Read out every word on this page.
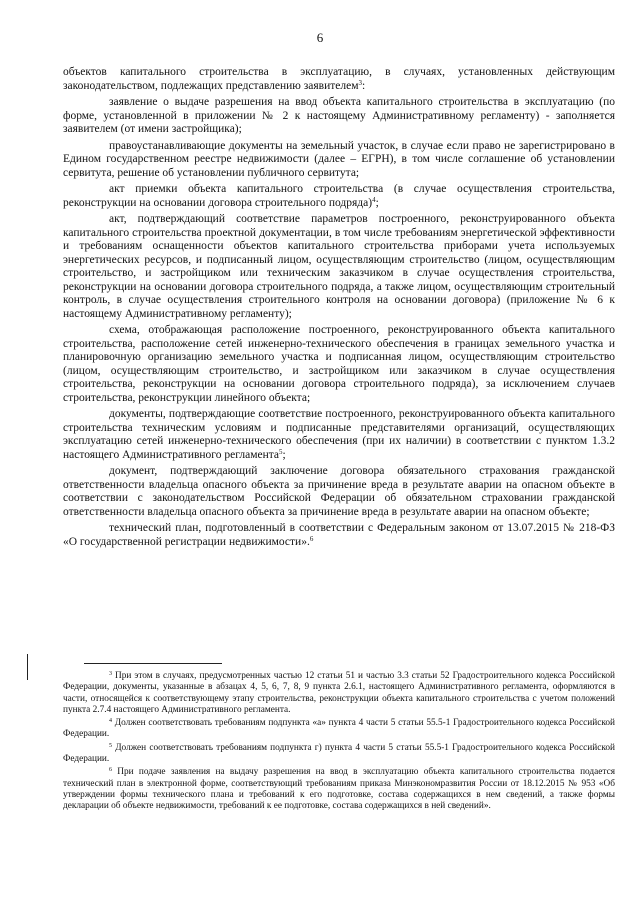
6

объектов капитального строительства в эксплуатацию, в случаях, установленных действующим законодательством, подлежащих представлению заявителем$^3$:

заявление о выдаче разрешения на ввод объекта капитального строительства в эксплуатацию (по форме, установленной в приложении № 2 к настоящему Административному регламенту) - заполняется заявителем (от имени застройщика);

правоустанавливающие документы на земельный участок, в случае если право не зарегистрировано в Едином государственном реестре недвижимости (далее – ЕГРН), в том числе соглашение об установлении сервитута, решение об установлении публичного сервитута;

акт приемки объекта капитального строительства (в случае осуществления строительства, реконструкции на основании договора строительного подряда)$^4$;

акт, подтверждающий соответствие параметров построенного, реконструированного объекта капитального строительства проектной документации, в том числе требованиям энергетической эффективности и требованиям оснащенности объектов капитального строительства приборами учета используемых энергетических ресурсов, и подписанный лицом, осуществляющим строительство (лицом, осуществляющим строительство, и застройщиком или техническим заказчиком в случае осуществления строительства, реконструкции на основании договора строительного подряда, а также лицом, осуществляющим строительный контроль, в случае осуществления строительного контроля на основании договора) (приложение № 6 к настоящему Административному регламенту);

схема, отображающая расположение построенного, реконструированного объекта капитального строительства, расположение сетей инженерно-технического обеспечения в границах земельного участка и планировочную организацию земельного участка и подписанная лицом, осуществляющим строительство (лицом, осуществляющим строительство, и застройщиком или заказчиком в случае осуществления строительства, реконструкции на основании договора строительного подряда), за исключением случаев строительства, реконструкции линейного объекта;

документы, подтверждающие соответствие построенного, реконструированного объекта капитального строительства техническим условиям и подписанные представителями организаций, осуществляющих эксплуатацию сетей инженерно-технического обеспечения (при их наличии) в соответствии с пунктом 1.3.2 настоящего Административного регламента$^5$;

документ, подтверждающий заключение договора обязательного страхования гражданской ответственности владельца опасного объекта за причинение вреда в результате аварии на опасном объекте в соответствии с законодательством Российской Федерации об обязательном страховании гражданской ответственности владельца опасного объекта за причинение вреда в результате аварии на опасном объекте;

технический план, подготовленный в соответствии с Федеральным законом от 13.07.2015 № 218-ФЗ «О государственной регистрации недвижимости».$^6$

$^3$ При этом в случаях, предусмотренных частью 12 статьи 51 и частью 3.3 статьи 52 Градостроительного кодекса Российской Федерации, документы, указанные в абзацах 4, 5, 6, 7, 8, 9 пункта 2.6.1, настоящего Административного регламента, оформляются в части, относящейся к соответствующему этапу строительства, реконструкции объекта капитального строительства с учетом положений пункта 2.7.4 настоящего Административного регламента.

$^4$ Должен соответствовать требованиям подпункта «а» пункта 4 части 5 статьи 55.5-1 Градостроительного кодекса Российской Федерации.

$^5$ Должен соответствовать требованиям подпункта г) пункта 4 части 5 статьи 55.5-1 Градостроительного кодекса Российской Федерации.

$^6$ При подаче заявления на выдачу разрешения на ввод в эксплуатацию объекта капитального строительства подается технический план в электронной форме, соответствующий требованиям приказа Минэкономразвития России от 18.12.2015 № 953 «Об утверждении формы технического плана и требований к его подготовке, состава содержащихся в нем сведений, а также формы декларации об объекте недвижимости, требований к ее подготовке, состава содержащихся в ней сведений».
